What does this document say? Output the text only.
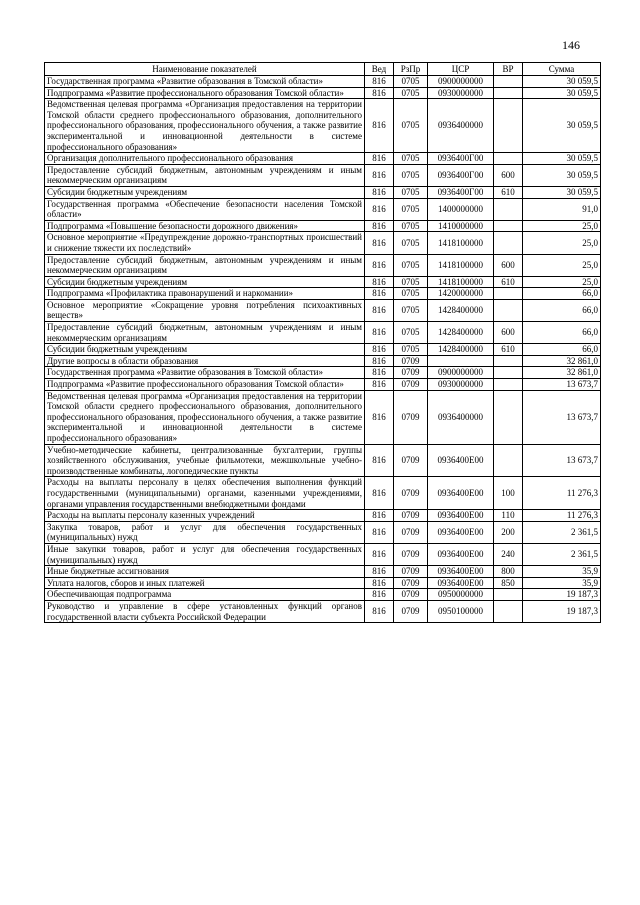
146
Наименование показателей	Вед	РзПр	ЦСР	ВР	Сумма
Государственная программа «Развитие образования в Томской области»	816	0705	0900000000		30 059,5
Подпрограмма «Развитие профессионального образования Томской области»	816	0705	0930000000		30 059,5
Ведомственная целевая программа «Организация предоставления на территории Томской области среднего профессионального образования, дополнительного профессионального образования, профессионального обучения, а также развитие экспериментальной и инновационной деятельности в системе профессионального образования»	816	0705	0936400000		30 059,5
Организация дополнительного профессионального образования	816	0705	0936400Г00		30 059,5
Предоставление субсидий бюджетным, автономным учреждениям и иным некоммерческим организациям	816	0705	0936400Г00	600	30 059,5
Субсидии бюджетным учреждениям	816	0705	0936400Г00	610	30 059,5
Государственная программа «Обеспечение безопасности населения Томской области»	816	0705	1400000000		91,0
Подпрограмма «Повышение безопасности дорожного движения»	816	0705	1410000000		25,0
Основное мероприятие «Предупреждение дорожно-транспортных происшествий и снижение тяжести их последствий»	816	0705	1418100000		25,0
Предоставление субсидий бюджетным, автономным учреждениям и иным некоммерческим организациям	816	0705	1418100000	600	25,0
Субсидии бюджетным учреждениям	816	0705	1418100000	610	25,0
Подпрограмма «Профилактика правонарушений и наркомании»	816	0705	1420000000		66,0
Основное мероприятие «Сокращение уровня потребления психоактивных веществ»	816	0705	1428400000		66,0
Предоставление субсидий бюджетным, автономным учреждениям и иным некоммерческим организациям	816	0705	1428400000	600	66,0
Субсидии бюджетным учреждениям	816	0705	1428400000	610	66,0
Другие вопросы в области образования	816	0709			32 861,0
Государственная программа «Развитие образования в Томской области»	816	0709	0900000000		32 861,0
Подпрограмма «Развитие профессионального образования Томской области»	816	0709	0930000000		13 673,7
Ведомственная целевая программа «Организация предоставления на территории Томской области среднего профессионального образования, дополнительного профессионального образования, профессионального обучения, а также развитие экспериментальной и инновационной деятельности в системе профессионального образования»	816	0709	0936400000		13 673,7
Учебно-методические кабинеты, централизованные бухгалтерии, группы хозяйственного обслуживания, учебные фильмотеки, межшкольные учебно-производственные комбинаты, логопедические пункты	816	0709	0936400Е00		13 673,7
Расходы на выплаты персоналу в целях обеспечения выполнения функций государственными (муниципальными) органами, казенными учреждениями, органами управления государственными внебюджетными фондами	816	0709	0936400Е00	100	11 276,3
Расходы на выплаты персоналу казенных учреждений	816	0709	0936400Е00	110	11 276,3
Закупка товаров, работ и услуг для обеспечения государственных (муниципальных) нужд	816	0709	0936400Е00	200	2 361,5
Иные закупки товаров, работ и услуг для обеспечения государственных (муниципальных) нужд	816	0709	0936400Е00	240	2 361,5
Иные бюджетные ассигнования	816	0709	0936400Е00	800	35,9
Уплата налогов, сборов и иных платежей	816	0709	0936400Е00	850	35,9
Обеспечивающая подпрограмма	816	0709	0950000000		19 187,3
Руководство и управление в сфере установленных функций органов государственной власти субъекта Российской Федерации	816	0709	0950100000		19 187,3
